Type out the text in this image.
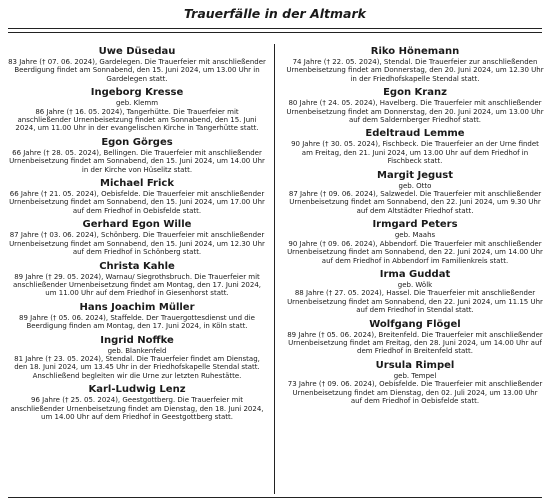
Trauerfälle in der Altmark
Uwe Düsedau
83 Jahre († 07. 06. 2024), Gardelegen. Die Trauerfeier mit anschließender Beerdigung findet am Sonnabend, den 15. Juni 2024, um 13.00 Uhr in Gardelegen statt.
Ingeborg Kresse
geb. Klemm
86 Jahre († 16. 05. 2024), Tangerhütte. Die Trauerfeier mit anschließender Urnenbeisetzung findet am Sonnabend, den 15. Juni 2024, um 11.00 Uhr in der evangelischen Kirche in Tangerhütte statt.
Egon Görges
66 Jahre († 28. 05. 2024), Bellingen. Die Trauerfeier mit anschließender Urnenbeisetzung findet am Sonnabend, den 15. Juni 2024, um 14.00 Uhr in der Kirche von Hüselitz statt.
Michael Frick
66 Jahre († 21. 05. 2024), Oebisfelde. Die Trauerfeier mit anschließender Urnenbeisetzung findet am Sonnabend, den 15. Juni 2024, um 17.00 Uhr auf dem Friedhof in Oebisfelde statt.
Gerhard Egon Wille
87 Jahre († 03. 06. 2024), Schönberg. Die Trauerfeier mit anschließender Urnenbeisetzung findet am Sonnabend, den 15. Juni 2024, um 12.30 Uhr auf dem Friedhof in Schönberg statt.
Christa Kahle
89 Jahre († 29. 05. 2024), Warnau/ Siegrothsbruch. Die Trauerfeier mit anschließender Urnenbeisetzung findet am Montag, den 17. Juni 2024, um 11.00 Uhr auf dem Friedhof in Giesenhorst statt.
Hans Joachim Müller
89 Jahre († 05. 06. 2024), Staffelde. Der Trauergottesdienst und die Beerdigung finden am Montag, den 17. Juni 2024, in Köln statt.
Ingrid Noffke
geb. Blankenfeld
81 Jahre († 23. 05. 2024), Stendal. Die Trauerfeier findet am Dienstag, den 18. Juni 2024, um 13.45 Uhr in der Friedhofskapelle Stendal statt. Anschließend begleiten wir die Urne zur letzten Ruhestätte.
Karl-Ludwig Lenz
96 Jahre († 25. 05. 2024), Geestgottberg. Die Trauerfeier mit anschließender Urnenbeisetzung findet am Dienstag, den 18. Juni 2024, um 14.00 Uhr auf dem Friedhof in Geestgottberg statt.
Riko Hönemann
74 Jahre († 22. 05. 2024), Stendal. Die Trauerfeier zur anschließenden Urnenbeisetzung findet am Donnerstag, den 20. Juni 2024, um 12.30 Uhr in der Friedhofskapelle Stendal statt.
Egon Kranz
80 Jahre († 24. 05. 2024), Havelberg. Die Trauerfeier mit anschließender Urnenbeisetzung findet am Donnerstag, den 20. Juni 2024, um 13.00 Uhr auf dem Saldernberger Friedhof statt.
Edeltraud Lemme
90 Jahre († 30. 05. 2024), Fischbeck. Die Trauerfeier an der Urne findet am Freitag, den 21. Juni 2024, um 13.00 Uhr auf dem Friedhof in Fischbeck statt.
Margit Jegust
geb. Otto
87 Jahre († 09. 06. 2024), Salzwedel. Die Trauerfeier mit anschließender Urnenbeisetzung findet am Sonnabend, den 22. Juni 2024, um 9.30 Uhr auf dem Altstädter Friedhof statt.
Irmgard Peters
geb. Maahs
90 Jahre († 09. 06. 2024), Abbendorf. Die Trauerfeier mit anschließender Urnenbeisetzung findet am Sonnabend, den 22. Juni 2024, um 14.00 Uhr auf dem Friedhof in Abbendorf im Familienkreis statt.
Irma Guddat
geb. Wölk
88 Jahre († 27. 05. 2024), Hassel. Die Trauerfeier mit anschließender Urnenbeisetzung findet am Sonnabend, den 22. Juni 2024, um 11.15 Uhr auf dem Friedhof in Stendal statt.
Wolfgang Flögel
89 Jahre († 05. 06. 2024), Breitenfeld. Die Trauerfeier mit anschließender Urnenbeisetzung findet am Freitag, den 28. Juni 2024, um 14.00 Uhr auf dem Friedhof in Breitenfeld statt.
Ursula Rimpel
geb. Tempel
73 Jahre († 09. 06. 2024), Oebisfelde. Die Trauerfeier mit anschließender Urnenbeisetzung findet am Dienstag, den 02. Juli 2024, um 13.00 Uhr auf dem Friedhof in Oebisfelde statt.
